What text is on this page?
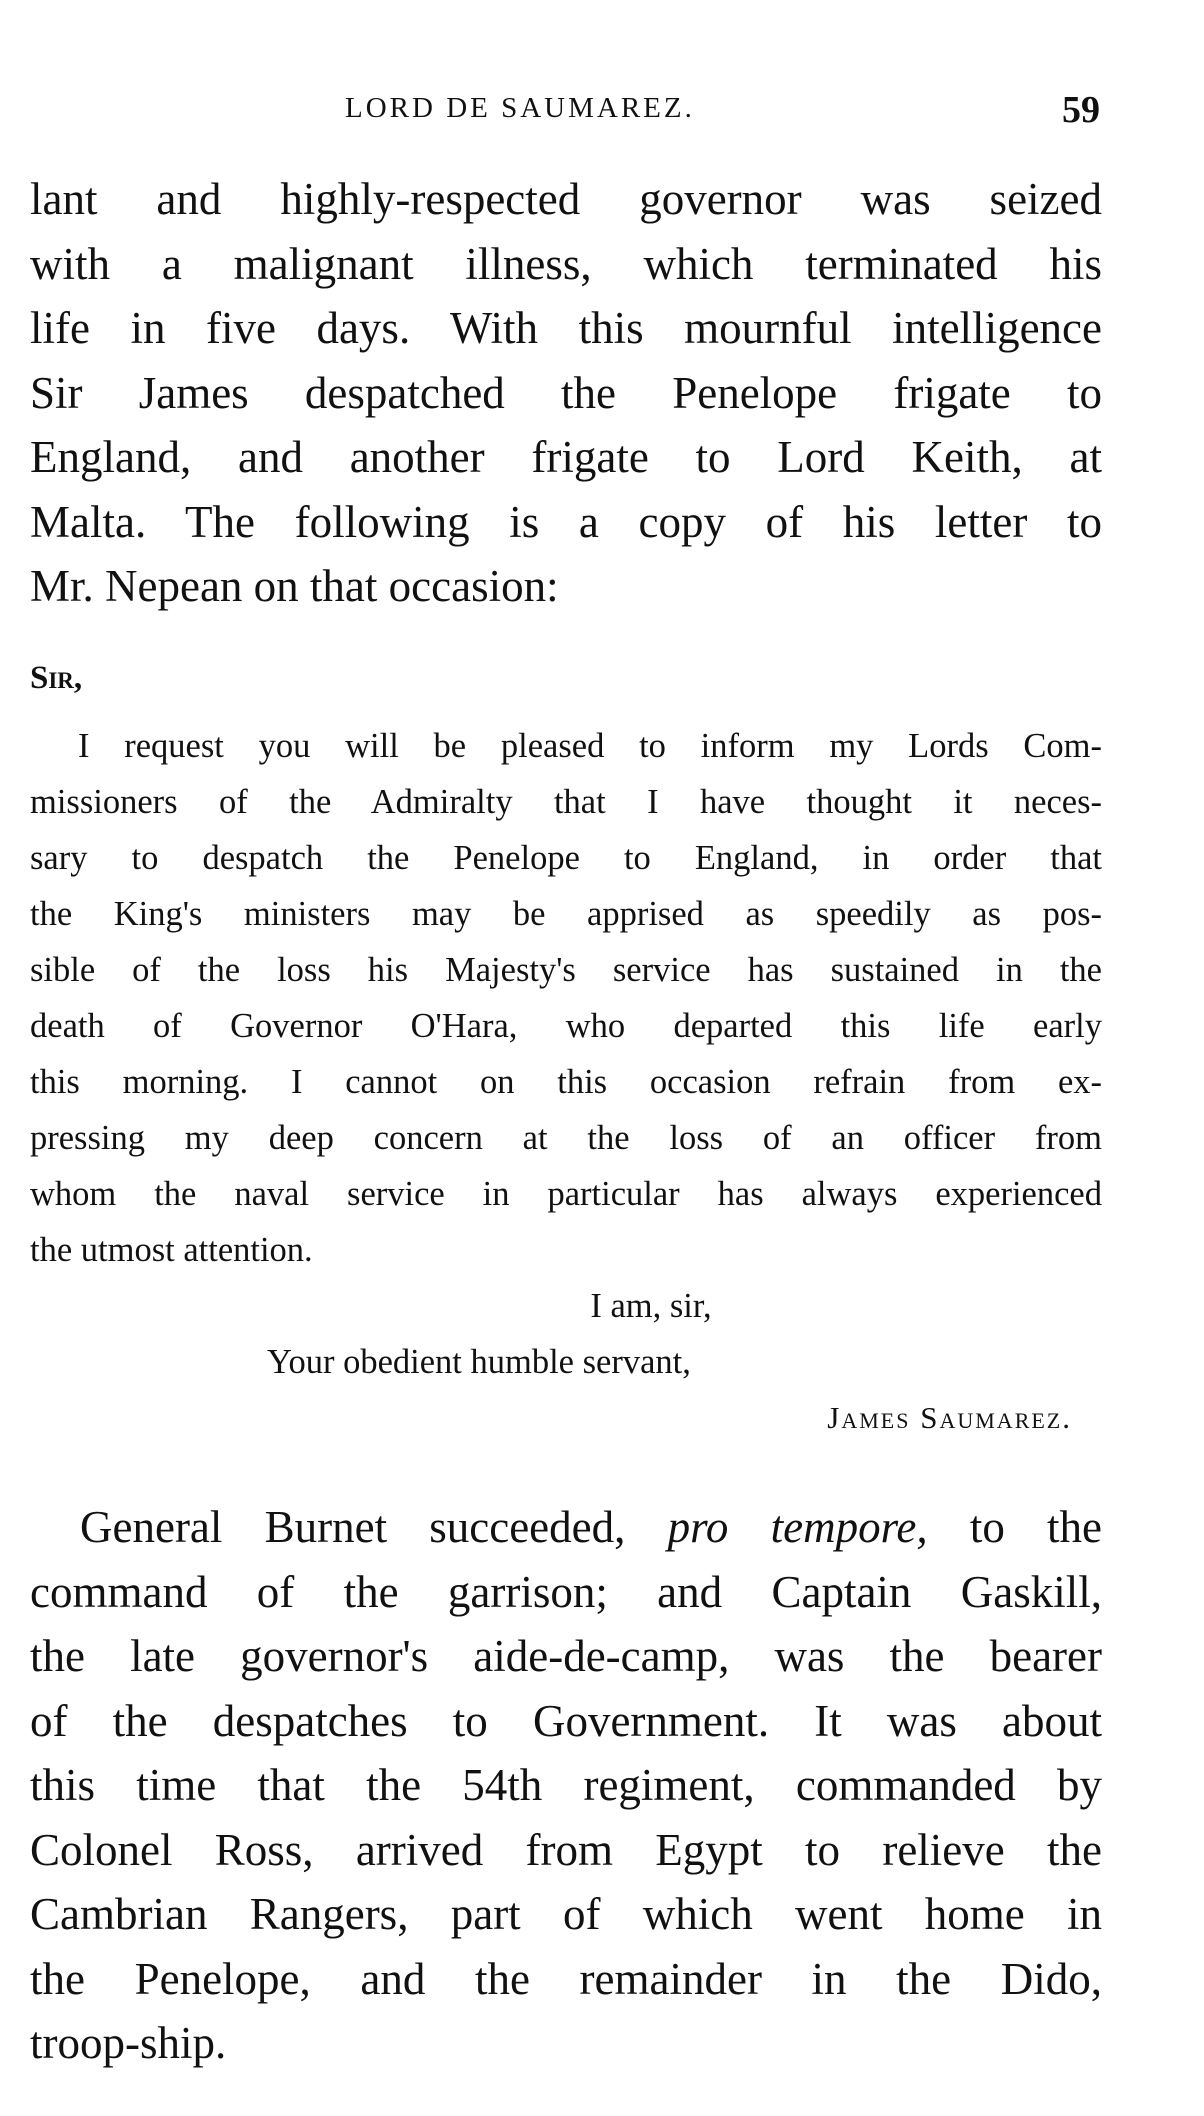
LORD DE SAUMAREZ.	59
lant and highly-respected governor was seized
with a malignant illness, which terminated his
life in five days. With this mournful intelligence
Sir James despatched the Penelope frigate to
England, and another frigate to Lord Keith, at
Malta. The following is a copy of his letter to
Mr. Nepean on that occasion:
Sir,
I request you will be pleased to inform my Lords Com-
missioners of the Admiralty that I have thought it neces-
sary to despatch the Penelope to England, in order that
the King's ministers may be apprised as speedily as pos-
sible of the loss his Majesty's service has sustained in the
death of Governor O'Hara, who departed this life early
this morning. I cannot on this occasion refrain from ex-
pressing my deep concern at the loss of an officer from
whom the naval service in particular has always experienced
the utmost attention.
I am, sir,
Your obedient humble servant,
James Saumarez.
General Burnet succeeded, pro tempore, to the
command of the garrison; and Captain Gaskill,
the late governor's aide-de-camp, was the bearer
of the despatches to Government. It was about
this time that the 54th regiment, commanded by
Colonel Ross, arrived from Egypt to relieve the
Cambrian Rangers, part of which went home in
the Penelope, and the remainder in the Dido,
troop-ship.
